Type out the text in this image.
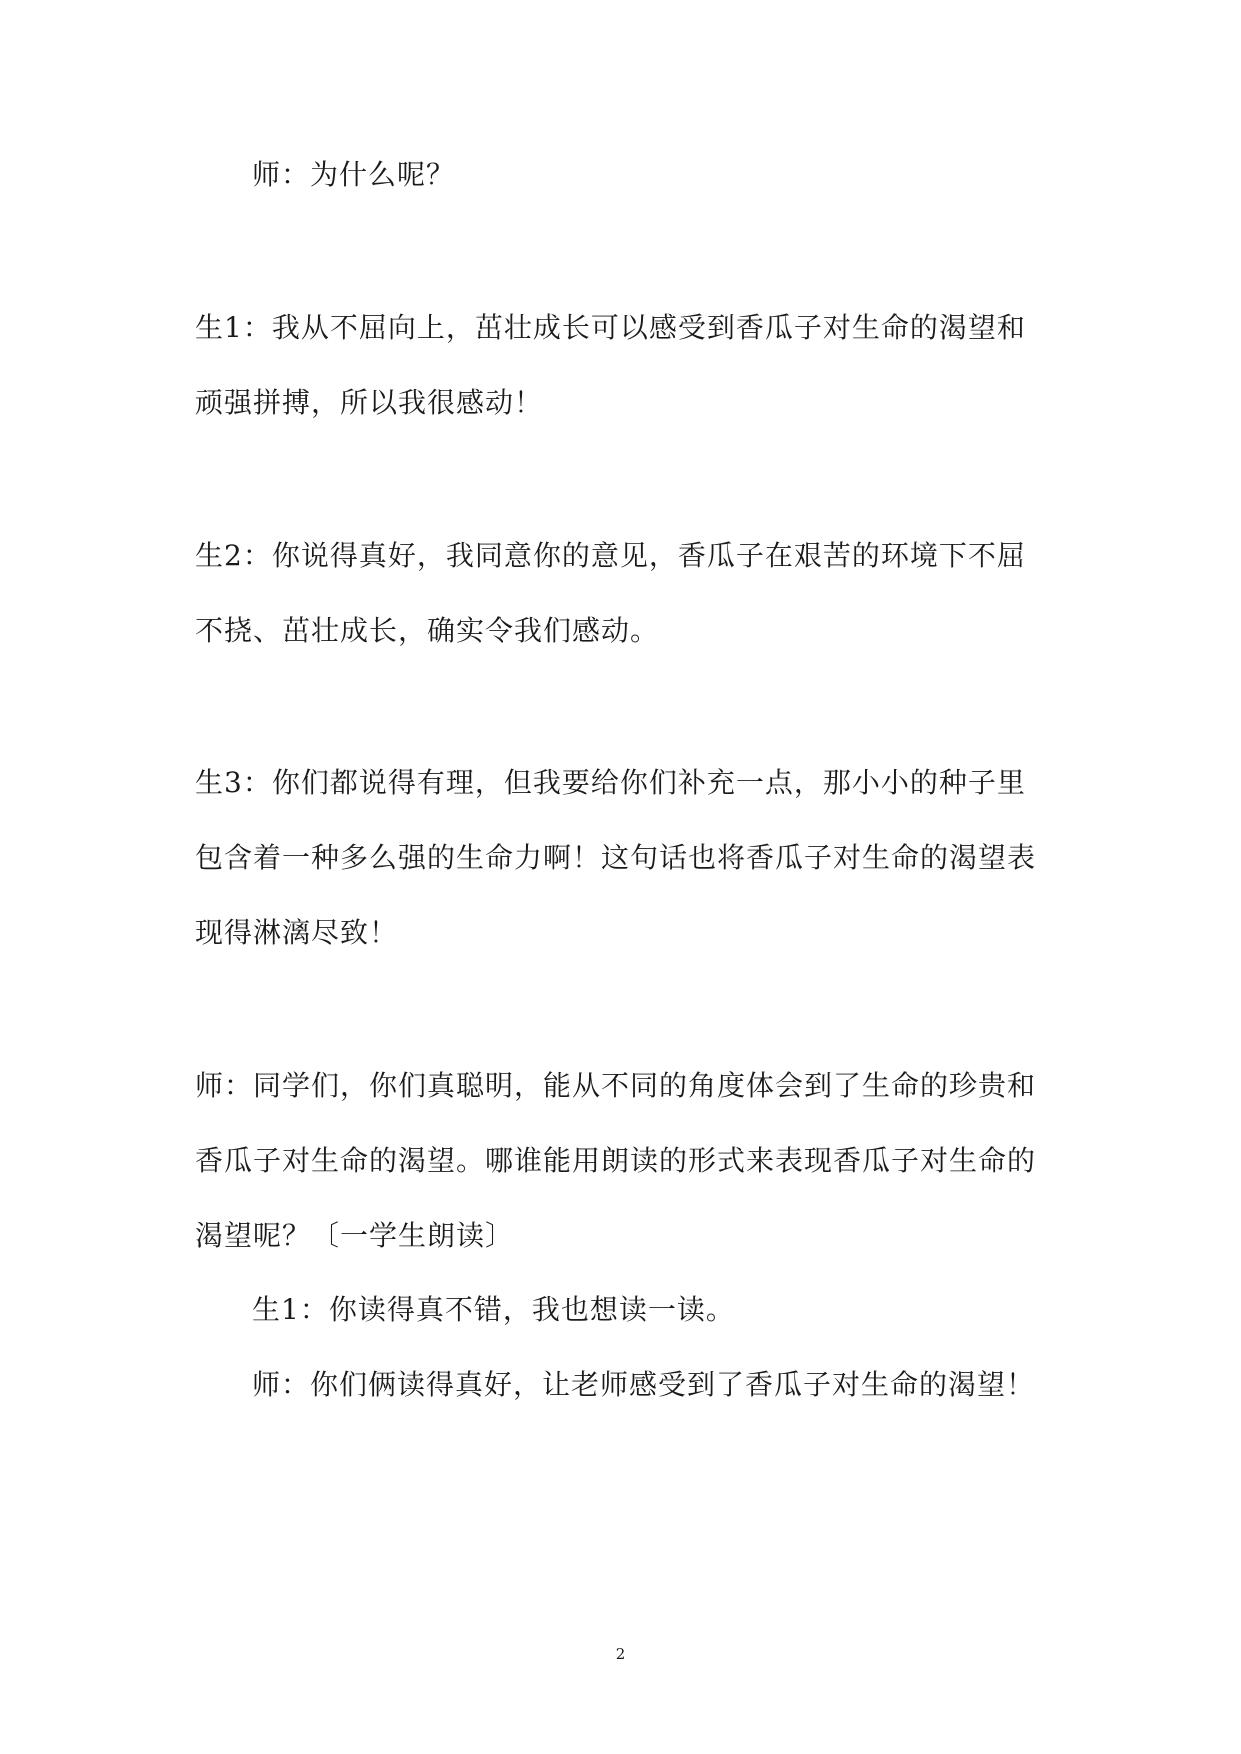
师：为什么呢？
生1：我从不屈向上，茁壮成长可以感受到香瓜子对生命的渴望和
顽强拼搏，所以我很感动！
生2：你说得真好，我同意你的意见，香瓜子在艰苦的环境下不屈
不挠、茁壮成长，确实令我们感动。
生3：你们都说得有理，但我要给你们补充一点，那小小的种子里
包含着一种多么强的生命力啊！这句话也将香瓜子对生命的渴望表
现得淋漓尽致！
师：同学们，你们真聪明，能从不同的角度体会到了生命的珍贵和
香瓜子对生命的渴望。哪谁能用朗读的形式来表现香瓜子对生命的
渴望呢？〔一学生朗读〕
生1：你读得真不错，我也想读一读。
师：你们俩读得真好，让老师感受到了香瓜子对生命的渴望！
2
